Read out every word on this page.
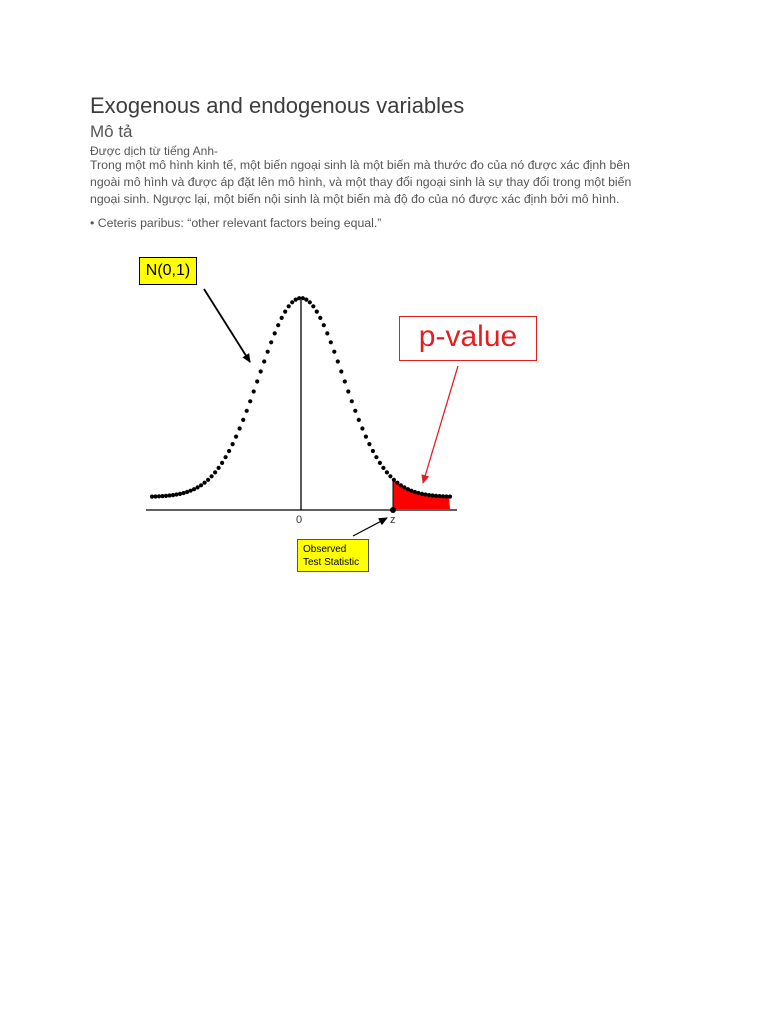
Exogenous and endogenous variables
Mô tả
Được dịch từ tiếng Anh-
Trong một mô hình kinh tế, một biến ngoại sinh là một biến mà thước đo của nó được xác định bên
ngoài mô hình và được áp đặt lên mô hình, và một thay đổi ngoại sinh là sự thay đổi trong một biến
ngoại sinh. Ngược lại, một biến nội sinh là một biến mà độ đo của nó được xác định bởi mô hình.
• Ceteris paribus: “other relevant factors being equal.”
N(0,1)
p-value
0	z
Observed
Test Statistic
